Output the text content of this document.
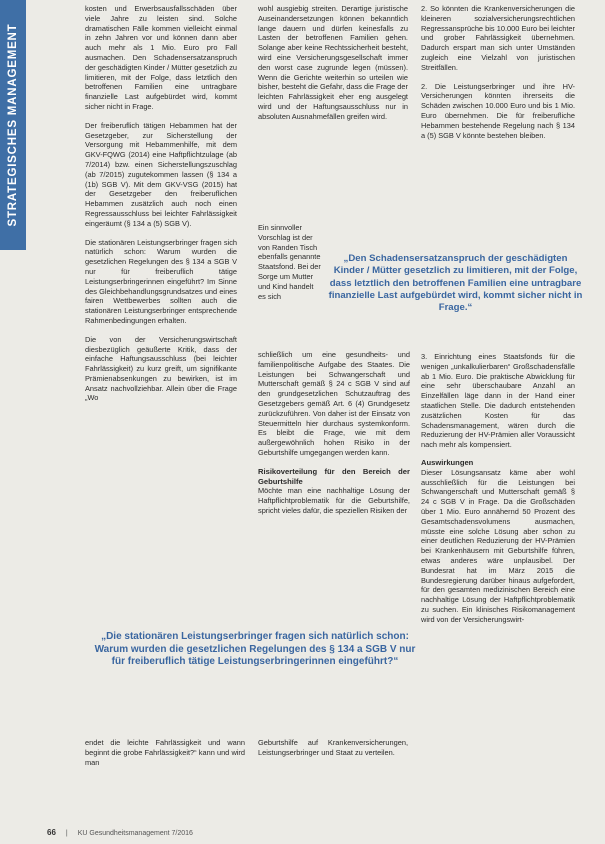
STRATEGISCHES MANAGEMENT

kosten und Erwerbsausfallsschäden über viele Jahre zu leisten sind. Solche dramatischen Fälle kommen vielleicht einmal in zehn Jahren vor und können dann aber auch mehr als 1 Mio. Euro pro Fall ausmachen. Den Schadensersatzanspruch der geschädigten Kinder / Mütter gesetzlich zu limitieren, mit der Folge, dass letztlich den betroffenen Familien eine untragbare finanzielle Last aufgebürdet wird, kommt sicher nicht in Frage.

Der freiberuflich tätigen Hebammen hat der Gesetzgeber, zur Sicherstellung der Versorgung mit Hebammenhilfe, mit dem GKV-FQWG (2014) eine Haftpflichtzulage (ab 7/2014) bzw. einen Sicherstellungszuschlag (ab 7/2015) zugutekommen lassen (§ 134 a (1b) SGB V). Mit dem GKV-VSG (2015) hat der Gesetzgeber den freiberuflichen Hebammen zusätzlich auch noch einen Regressausschluss bei leichter Fahrlässigkeit eingeräumt (§ 134 a (5) SGB V).

Die stationären Leistungserbringer fragen sich natürlich schon: Warum wurden die gesetzlichen Regelungen des § 134 a SGB V nur für freiberuflich tätige Leistungserbringerinnen eingeführt? Im Sinne des Gleichbehandlungsgrundsatzes und eines fairen Wettbewerbes sollten auch die stationären Leistungserbringer entsprechende Rahmenbedingungen erhalten.

Die von der Versicherungswirtschaft diesbezüglich geäußerte Kritik, dass der einfache Haftungsausschluss (bei leichter Fahrlässigkeit) zu kurz greift, um signifikante Prämienabsenkungen zu bewirken, ist im Ansatz nachvollziehbar. Allein über die Frage „Wo

wohl ausgiebig streiten. Derartige juristische Auseinandersetzungen können bekanntlich lange dauern und dürfen keinesfalls zu Lasten der betroffenen Familien gehen. Solange aber keine Rechtssicherheit besteht, wird eine Versicherungsgesellschaft immer den worst case zugrunde legen (müssen). Wenn die Gerichte weiterhin so urteilen wie bisher, besteht die Gefahr, dass die Frage der leichten Fahrlässigkeit eher eng ausgelegt wird und der Haftungsausschluss nur in absoluten Ausnahmefällen greifen wird.

Ein sinnvoller Vorschlag ist der von Randen Tisch ebenfalls genannte Staatsfond. Bei der Sorge um Mutter und Kind handelt es sich

schließlich um eine gesundheits- und familienpolitische Aufgabe des Staates. Die Leistungen bei Schwangerschaft und Mutterschaft gemäß § 24 c SGB V sind auf den grundgesetzlichen Schutzauftrag des Gesetzgebers gemäß Art. 6 (4) Grundgesetz zurückzuführen. Von daher ist der Einsatz von Steuermitteln hier durchaus systemkonform. Es bleibt die Frage, wie mit dem außergewöhnlich hohen Risiko in der Geburtshilfe umgegangen werden kann.

Risikoverteilung für den Bereich der Geburtshilfe

Möchte man eine nachhaltige Lösung der Haftpflichtproblematik für die Geburtshilfe, spricht vieles dafür, die speziellen Risiken der

2. So könnten die Krankenversicherungen die kleineren sozialversicherungsrechtlichen Regressansprüche bis 10.000 Euro bei leichter und grober Fahrlässigkeit übernehmen. Dadurch erspart man sich unter Umständen zugleich eine Vielzahl von juristischen Streitfällen.

2. Die Leistungserbringer und ihre HV-Versicherungen könnten ihrerseits die Schäden zwischen 10.000 Euro und bis 1 Mio. Euro übernehmen. Die für freiberufliche Hebammen bestehende Regelung nach § 134 a (5) SGB V könnte bestehen bleiben.

3. Einrichtung eines Staatsfonds für die wenigen „unkalkulierbaren“ Großschadensfälle ab 1 Mio. Euro. Die praktische Abwicklung für eine sehr überschaubare Anzahl an Einzelfällen läge dann in der Hand einer staatlichen Stelle. Die dadurch entstehenden zusätzlichen Kosten für das Schadensmanagement, wären durch die Reduzierung der HV-Prämien aller Voraussicht nach mehr als kompensiert.

Auswirkungen

Dieser Lösungsansatz käme aber wohl ausschließlich für die Leistungen bei Schwangerschaft und Mutterschaft gemäß § 24 c SGB V in Frage. Da die Großschäden über 1 Mio. Euro annähernd 50 Prozent des Gesamtschadensvolumens ausmachen, müsste eine solche Lösung aber schon zu einer deutlichen Reduzierung der HV-Prämien bei Krankenhäusern mit Geburtshilfe führen, etwas anderes wäre unplausibel. Der Bundesrat hat im März 2015 die Bundesregierung darüber hinaus aufgefordert, für den gesamten medizinischen Bereich eine nachhaltige Lösung der Haftpflichtproblematik zu suchen. Ein klinisches Risikomanagement wird von der Versicherungswirt-

„Den Schadensersatzanspruch der geschädigten Kinder / Mütter gesetzlich zu limitieren, mit der Folge, dass letztlich den betroffenen Familien eine untragbare finanzielle Last aufgebürdet wird, kommt sicher nicht in Frage.“
„Die stationären Leistungserbringer fragen sich natürlich schon: Warum wurden die gesetzlichen Regelungen des § 134 a SGB V nur für freiberuflich tätige Leistungserbringerinnen eingeführt?“

endet die leichte Fahrlässigkeit und wann beginnt die grobe Fahrlässigkeit?“ kann und wird man

Geburtshilfe auf Krankenversicherungen, Leistungserbringer und Staat zu verteilen.

66 | KU Gesundheitsmanagement 7/2016
